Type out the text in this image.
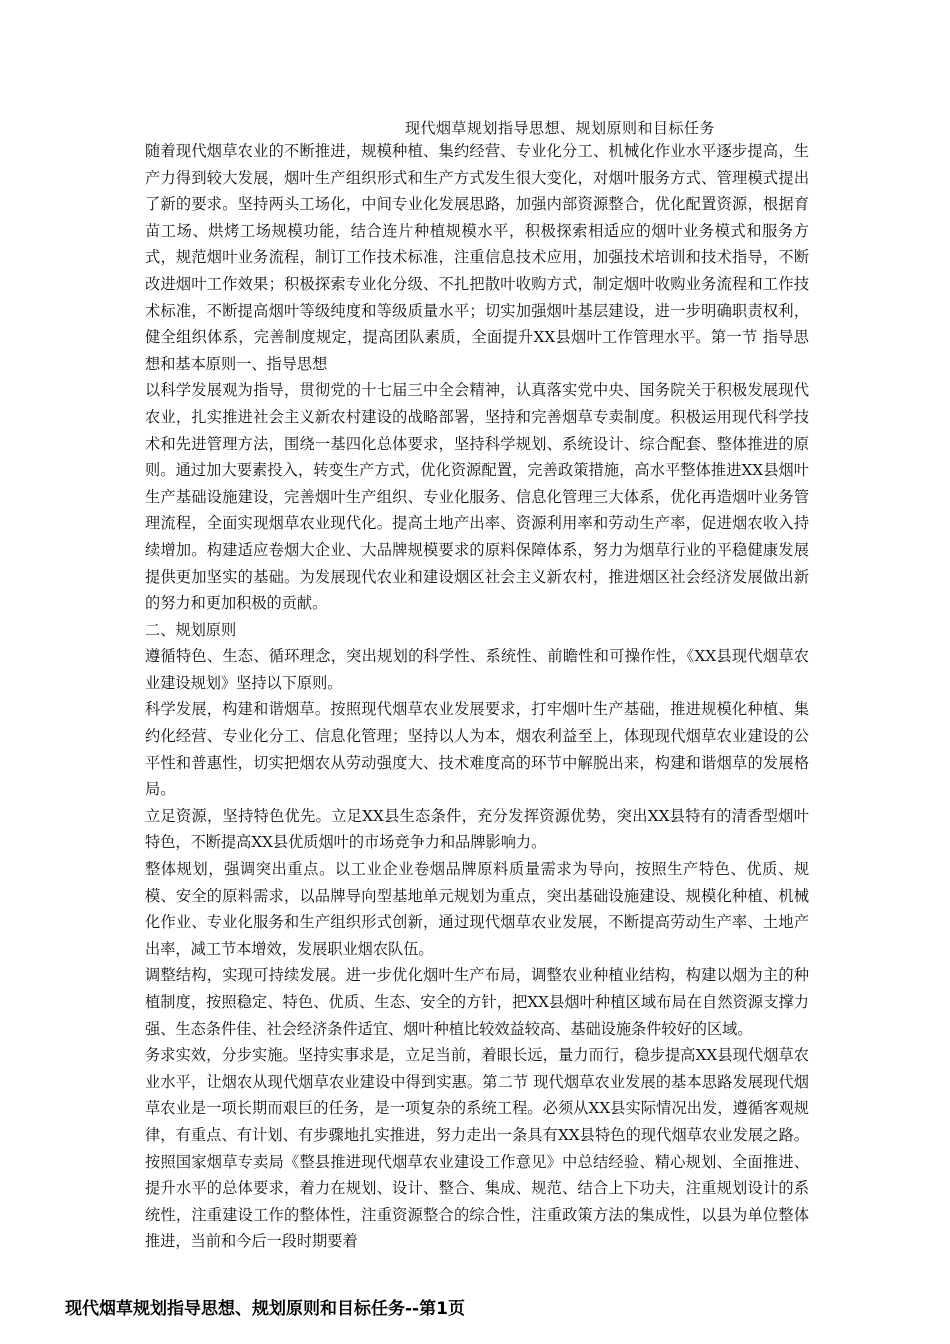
现代烟草规划指导思想、规划原则和目标任务

随着现代烟草农业的不断推进，规模种植、集约经营、专业化分工、机械化作业水平逐步提高，生产力得到较大发展，烟叶生产组织形式和生产方式发生很大变化，对烟叶服务方式、管理模式提出了新的要求。坚持两头工场化，中间专业化发展思路，加强内部资源整合，优化配置资源，根据育苗工场、烘烤工场规模功能，结合连片种植规模水平，积极探索相适应的烟叶业务模式和服务方式，规范烟叶业务流程，制订工作技术标准，注重信息技术应用，加强技术培训和技术指导，不断改进烟叶工作效果；积极探索专业化分级、不扎把散叶收购方式，制定烟叶收购业务流程和工作技术标准，不断提高烟叶等级纯度和等级质量水平；切实加强烟叶基层建设，进一步明确职责权利，健全组织体系，完善制度规定，提高团队素质，全面提升XX县烟叶工作管理水平。第一节 指导思想和基本原则一、指导思想

以科学发展观为指导，贯彻党的十七届三中全会精神，认真落实党中央、国务院关于积极发展现代农业，扎实推进社会主义新农村建设的战略部署，坚持和完善烟草专卖制度。积极运用现代科学技术和先进管理方法，围绕一基四化总体要求，坚持科学规划、系统设计、综合配套、整体推进的原则。通过加大要素投入，转变生产方式，优化资源配置，完善政策措施，高水平整体推进XX县烟叶生产基础设施建设，完善烟叶生产组织、专业化服务、信息化管理三大体系，优化再造烟叶业务管理流程，全面实现烟草农业现代化。提高土地产出率、资源利用率和劳动生产率，促进烟农收入持续增加。构建适应卷烟大企业、大品牌规模要求的原料保障体系，努力为烟草行业的平稳健康发展提供更加坚实的基础。为发展现代农业和建设烟区社会主义新农村，推进烟区社会经济发展做出新的努力和更加积极的贡献。

二、规划原则

遵循特色、生态、循环理念，突出规划的科学性、系统性、前瞻性和可操作性，《XX县现代烟草农业建设规划》坚持以下原则。

科学发展，构建和谐烟草。按照现代烟草农业发展要求，打牢烟叶生产基础，推进规模化种植、集约化经营、专业化分工、信息化管理；坚持以人为本，烟农利益至上，体现现代烟草农业建设的公平性和普惠性，切实把烟农从劳动强度大、技术难度高的环节中解脱出来，构建和谐烟草的发展格局。

立足资源，坚持特色优先。立足XX县生态条件，充分发挥资源优势，突出XX县特有的清香型烟叶特色，不断提高XX县优质烟叶的市场竞争力和品牌影响力。

整体规划，强调突出重点。以工业企业卷烟品牌原料质量需求为导向，按照生产特色、优质、规模、安全的原料需求，以品牌导向型基地单元规划为重点，突出基础设施建设、规模化种植、机械化作业、专业化服务和生产组织形式创新，通过现代烟草农业发展，不断提高劳动生产率、土地产出率，减工节本增效，发展职业烟农队伍。

调整结构，实现可持续发展。进一步优化烟叶生产布局，调整农业种植业结构，构建以烟为主的种植制度，按照稳定、特色、优质、生态、安全的方针，把XX县烟叶种植区域布局在自然资源支撑力强、生态条件佳、社会经济条件适宜、烟叶种植比较效益较高、基础设施条件较好的区域。

务求实效，分步实施。坚持实事求是，立足当前，着眼长远，量力而行，稳步提高XX县现代烟草农业水平，让烟农从现代烟草农业建设中得到实惠。第二节 现代烟草农业发展的基本思路发展现代烟草农业是一项长期而艰巨的任务，是一项复杂的系统工程。必须从XX县实际情况出发，遵循客观规律，有重点、有计划、有步骤地扎实推进，努力走出一条具有XX县特色的现代烟草农业发展之路。按照国家烟草专卖局《整县推进现代烟草农业建设工作意见》中总结经验、精心规划、全面推进、提升水平的总体要求，着力在规划、设计、整合、集成、规范、结合上下功夫，注重规划设计的系统性，注重建设工作的整体性，注重资源整合的综合性，注重政策方法的集成性，以县为单位整体推进，当前和今后一段时期要着

现代烟草规划指导思想、规划原则和目标任务--第1页
